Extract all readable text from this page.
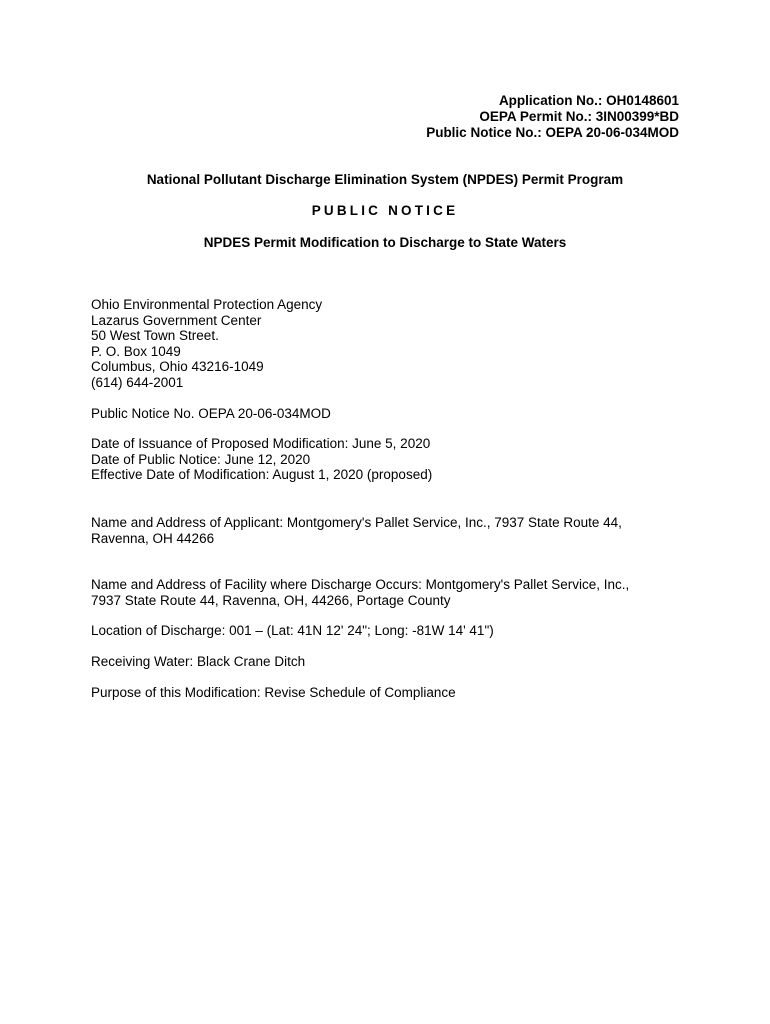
Application No.: OH0148601
OEPA Permit No.: 3IN00399*BD
Public Notice No.: OEPA 20-06-034MOD
National Pollutant Discharge Elimination System (NPDES) Permit Program
PUBLIC NOTICE
NPDES Permit Modification to Discharge to State Waters
Ohio Environmental Protection Agency
Lazarus Government Center
50 West Town Street.
P. O. Box 1049
Columbus, Ohio 43216-1049
(614) 644-2001
Public Notice No. OEPA 20-06-034MOD
Date of Issuance of Proposed Modification: June 5, 2020
Date of Public Notice: June 12, 2020
Effective Date of Modification: August 1, 2020 (proposed)
Name and Address of Applicant: Montgomery's Pallet Service, Inc., 7937 State Route 44,
Ravenna, OH 44266
Name and Address of Facility where Discharge Occurs: Montgomery's Pallet Service, Inc.,
7937 State Route 44, Ravenna, OH, 44266, Portage County
Location of Discharge: 001 – (Lat: 41N 12' 24"; Long: -81W 14' 41")
Receiving Water: Black Crane Ditch
Purpose of this Modification: Revise Schedule of Compliance
